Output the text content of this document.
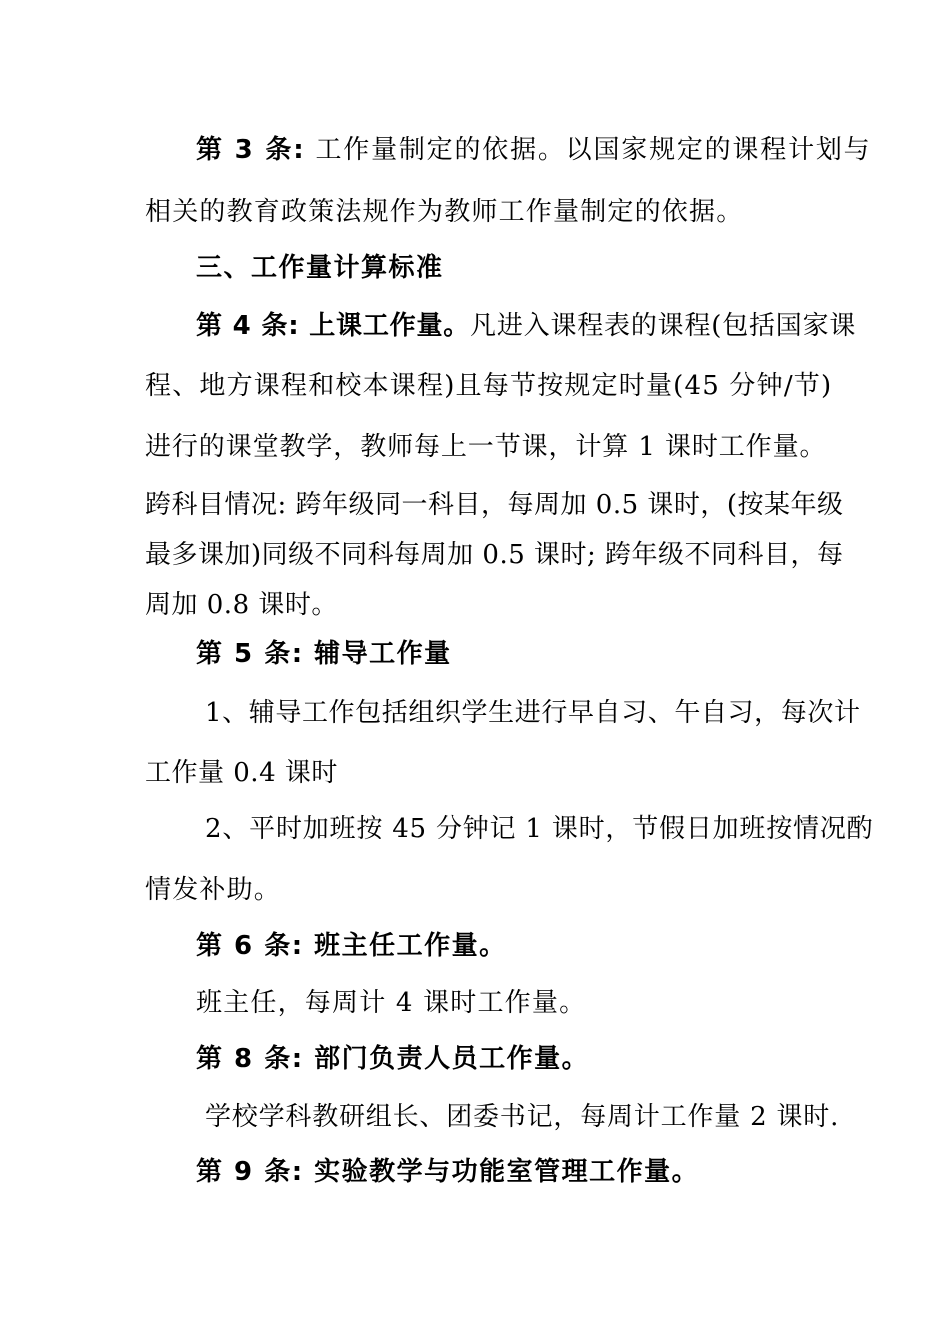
第 3 条: 工作量制定的依据。以国家规定的课程计划与
相关的教育政策法规作为教师工作量制定的依据。
三、工作量计算标准
第 4 条: 上课工作量。凡进入课程表的课程(包括国家课
程、地方课程和校本课程)且每节按规定时量(45 分钟/节)
进行的课堂教学，教师每上一节课，计算 1 课时工作量。
跨科目情况: 跨年级同一科目，每周加 0.5 课时，(按某年级
最多课加)同级不同科每周加 0.5 课时; 跨年级不同科目，每
周加 0.8 课时。
第 5 条: 辅导工作量
1、辅导工作包括组织学生进行早自习、午自习，每次计
工作量 0.4 课时
2、平时加班按 45 分钟记 1 课时，节假日加班按情况酌
情发补助。
第 6 条: 班主任工作量。
班主任，每周计 4 课时工作量。
第 8 条: 部门负责人员工作量。
学校学科教研组长、团委书记，每周计工作量 2 课时.
第 9 条: 实验教学与功能室管理工作量。
